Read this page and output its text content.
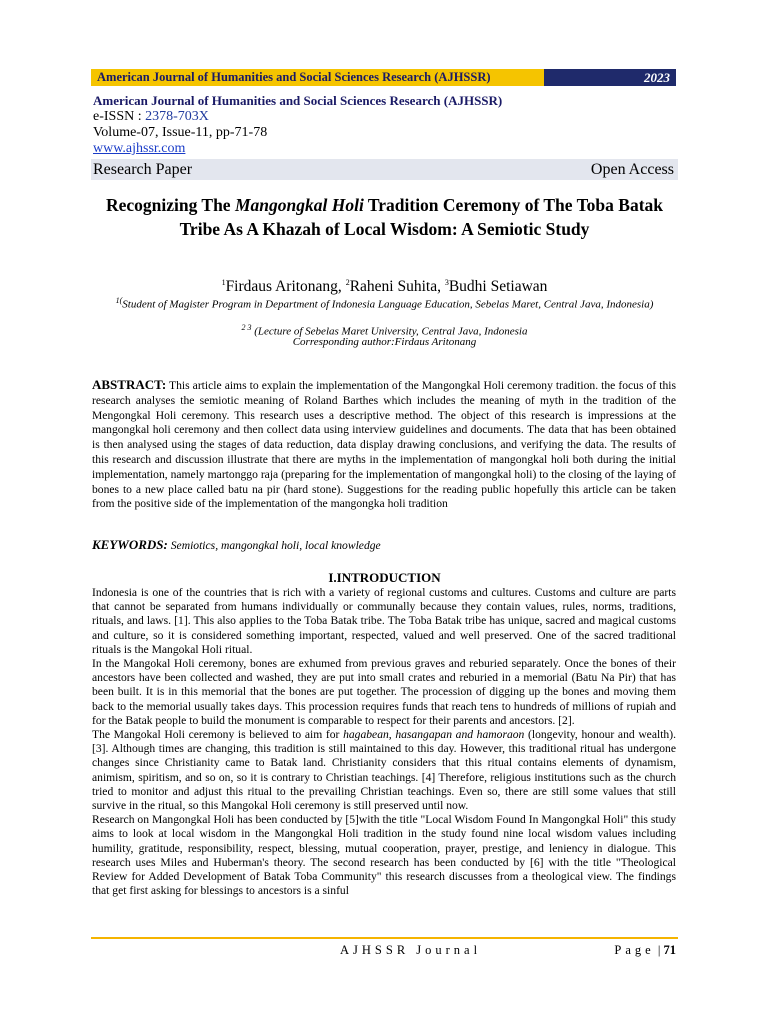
American Journal of Humanities and Social Sciences Research (AJHSSR)	2023
American Journal of Humanities and Social Sciences Research (AJHSSR)
e-ISSN : 2378-703X
Volume-07, Issue-11, pp-71-78
www.ajhssr.com
Research Paper	Open Access
Recognizing The Mangongkal Holi Tradition Ceremony of The Toba Batak Tribe As A Khazah of Local Wisdom: A Semiotic Study
$^1$Firdaus Aritonang, $^2$Raheni Suhita, $^3$Budhi Setiawan
$^{1(}$Student of Magister Program in Department of Indonesia Language Education, Sebelas Maret, Central Java, Indonesia)
$^{2 3}$ (Lecture of Sebelas Maret University, Central Java, Indonesia
Corresponding author:Firdaus Aritonang
ABSTRACT: This article aims to explain the implementation of the Mangongkal Holi ceremony tradition. the focus of this research analyses the semiotic meaning of Roland Barthes which includes the meaning of myth in the tradition of the Mengongkal Holi ceremony. This research uses a descriptive method. The object of this research is impressions at the mangongkal holi ceremony and then collect data using interview guidelines and documents. The data that has been obtained is then analysed using the stages of data reduction, data display drawing conclusions, and verifying the data. The results of this research and discussion illustrate that there are myths in the implementation of mangongkal holi both during the initial implementation, namely martonggo raja (preparing for the implementation of mangongkal holi) to the closing of the laying of bones to a new place called batu na pir (hard stone). Suggestions for the reading public hopefully this article can be taken from the positive side of the implementation of the mangongka holi tradition
KEYWORDS: Semiotics, mangongkal holi, local knowledge
I.INTRODUCTION

Indonesia is one of the countries that is rich with a variety of regional customs and cultures. Customs and culture are parts that cannot be separated from humans individually or communally because they contain values, rules, norms, traditions, rituals, and laws. [1]. This also applies to the Toba Batak tribe. The Toba Batak tribe has unique, sacred and magical customs and culture, so it is considered something important, respected, valued and well preserved. One of the sacred traditional rituals is the Mangokal Holi ritual.

In the Mangokal Holi ceremony, bones are exhumed from previous graves and reburied separately. Once the bones of their ancestors have been collected and washed, they are put into small crates and reburied in a memorial (Batu Na Pir) that has been built. It is in this memorial that the bones are put together. The procession of digging up the bones and moving them back to the memorial usually takes days. This procession requires funds that reach tens to hundreds of millions of rupiah and for the Batak people to build the monument is comparable to respect for their parents and ancestors. [2].

The Mangokal Holi ceremony is believed to aim for hagabean, hasangapan and hamoraon (longevity, honour and wealth). [3]. Although times are changing, this tradition is still maintained to this day. However, this traditional ritual has undergone changes since Christianity came to Batak land. Christianity considers that this ritual contains elements of dynamism, animism, spiritism, and so on, so it is contrary to Christian teachings. [4] Therefore, religious institutions such as the church tried to monitor and adjust this ritual to the prevailing Christian teachings. Even so, there are still some values that still survive in the ritual, so this Mangokal Holi ceremony is still preserved until now.

Research on Mangongkal Holi has been conducted by [5]with the title "Local Wisdom Found In Mangongkal Holi" this study aims to look at local wisdom in the Mangongkal Holi tradition in the study found nine local wisdom values including humility, gratitude, responsibility, respect, blessing, mutual cooperation, prayer, prestige, and leniency in dialogue. This research uses Miles and Huberman's theory. The second research has been conducted by [6] with the title "Theological Review for Added Development of Batak Toba Community" this research discusses from a theological view. The findings that get first asking for blessings to ancestors is a sinful

AJHSSR Journal	Page | 71
